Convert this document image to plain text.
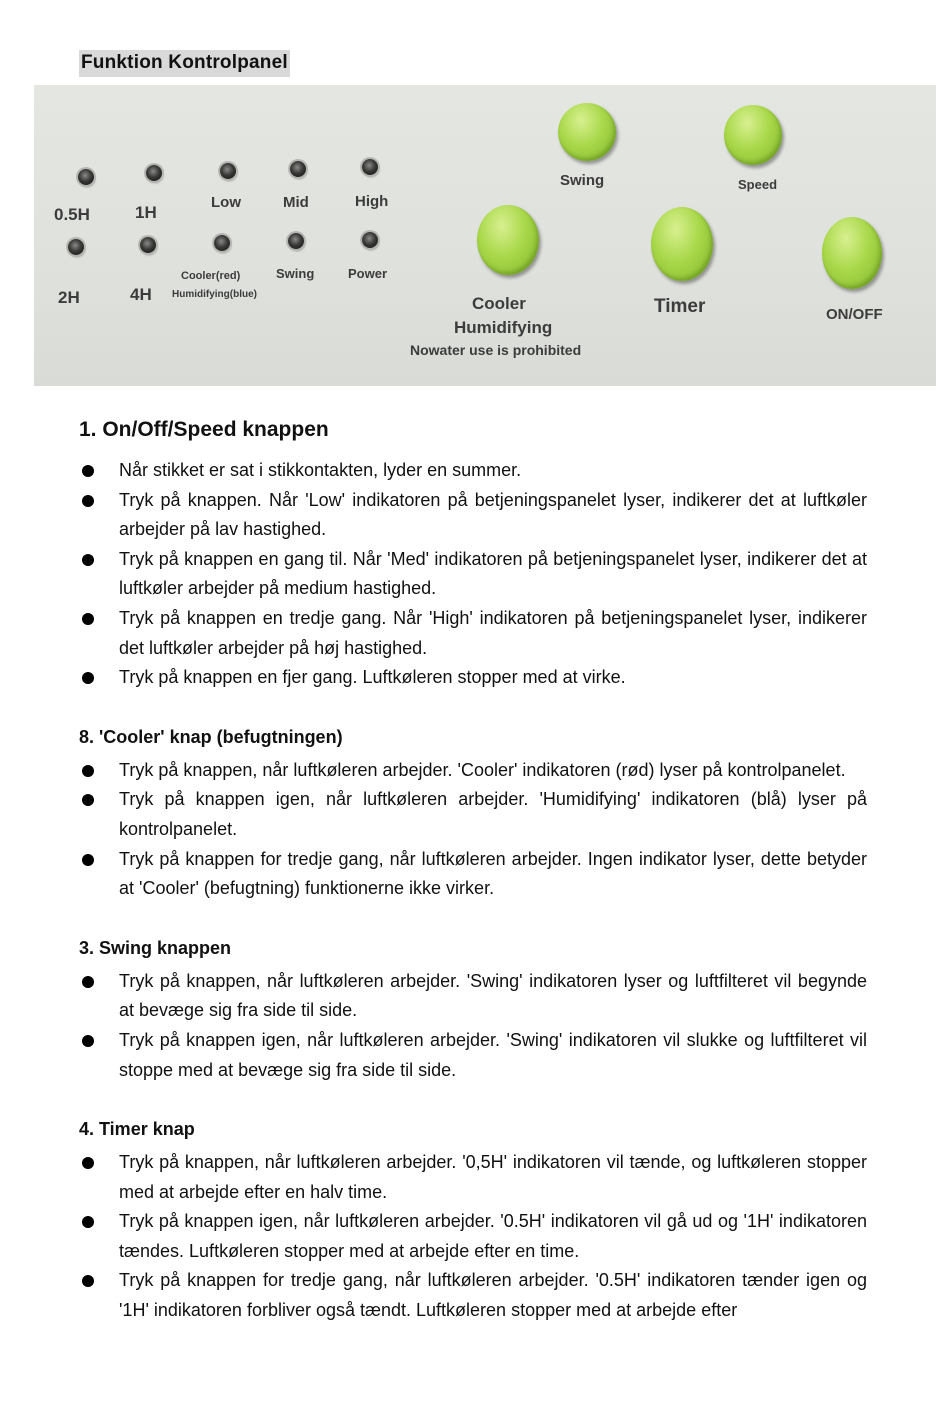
Funktion Kontrolpanel
0.5H	1H
Low	Mid	High
2H	4H
Cooler(red)
Humidifying(blue)
Swing	Power
Swing	Speed
Cooler
Humidifying
Nowater use is prohibited
Timer	ON/OFF
1. On/Off/Speed knappen
Når stikket er sat i stikkontakten, lyder en summer.
Tryk på knappen. Når 'Low' indikatoren på betjeningspanelet lyser, indikerer det at luftkøler arbejder på lav hastighed.
Tryk på knappen en gang til. Når 'Med' indikatoren på betjeningspanelet lyser, indikerer det at luftkøler arbejder på medium hastighed.
Tryk på knappen en tredje gang. Når 'High' indikatoren på betjeningspanelet lyser, indikerer det luftkøler arbejder på høj hastighed.
Tryk på knappen en fjer gang. Luftkøleren stopper med at virke.
8. 'Cooler' knap (befugtningen)
Tryk på knappen, når luftkøleren arbejder. 'Cooler' indikatoren (rød) lyser på kontrolpanelet.
Tryk på knappen igen, når luftkøleren arbejder. 'Humidifying' indikatoren (blå) lyser på kontrolpanelet.
Tryk på knappen for tredje gang, når luftkøleren arbejder. Ingen indikator lyser, dette betyder at 'Cooler' (befugtning) funktionerne ikke virker.
3. Swing knappen
Tryk på knappen, når luftkøleren arbejder. 'Swing' indikatoren lyser og luftfilteret vil begynde at bevæge sig fra side til side.
Tryk på knappen igen, når luftkøleren arbejder. 'Swing' indikatoren vil slukke og luftfilteret vil stoppe med at bevæge sig fra side til side.
4. Timer knap
Tryk på knappen, når luftkøleren arbejder. '0,5H' indikatoren vil tænde, og luftkøleren stopper med at arbejde efter en halv time.
Tryk på knappen igen, når luftkøleren arbejder. '0.5H' indikatoren vil gå ud og '1H' indikatoren tændes. Luftkøleren stopper med at arbejde efter en time.
Tryk på knappen for tredje gang, når luftkøleren arbejder. '0.5H' indikatoren tænder igen og '1H' indikatoren forbliver også tændt. Luftkøleren stopper med at arbejde efter
